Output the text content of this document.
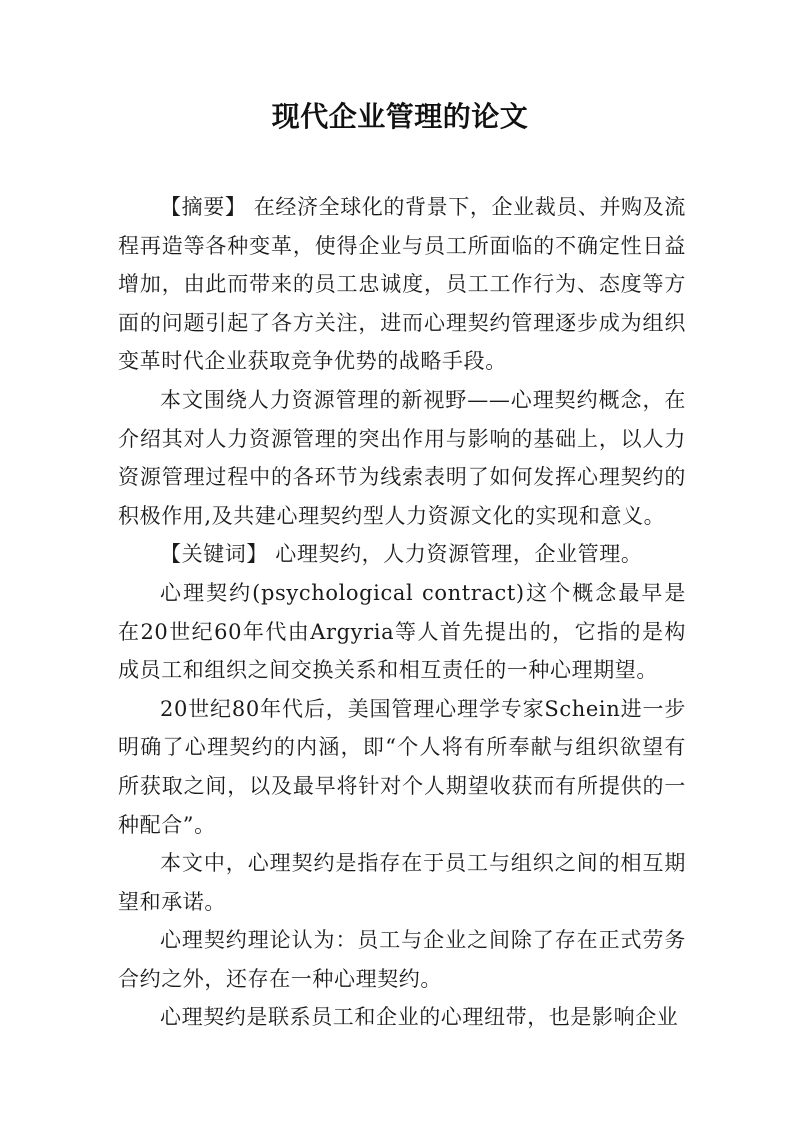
现代企业管理的论文

【摘要】 在经济全球化的背景下，企业裁员、并购及流程再造等各种变革，使得企业与员工所面临的不确定性日益增加，由此而带来的员工忠诚度，员工工作行为、态度等方面的问题引起了各方关注，进而心理契约管理逐步成为组织变革时代企业获取竞争优势的战略手段。

本文围绕人力资源管理的新视野——心理契约概念，在介绍其对人力资源管理的突出作用与影响的基础上，以人力资源管理过程中的各环节为线索表明了如何发挥心理契约的积极作用,及共建心理契约型人力资源文化的实现和意义。

【关键词】 心理契约，人力资源管理，企业管理。

心理契约(psychological contract)这个概念最早是在20世纪60年代由Argyria等人首先提出的，它指的是构成员工和组织之间交换关系和相互责任的一种心理期望。

20世纪80年代后，美国管理心理学专家Schein进一步明确了心理契约的内涵，即“个人将有所奉献与组织欲望有所获取之间，以及最早将针对个人期望收获而有所提供的一种配合”。

本文中，心理契约是指存在于员工与组织之间的相互期望和承诺。

心理契约理论认为：员工与企业之间除了存在正式劳务合约之外，还存在一种心理契约。

心理契约是联系员工和企业的心理纽带，也是影响企业
